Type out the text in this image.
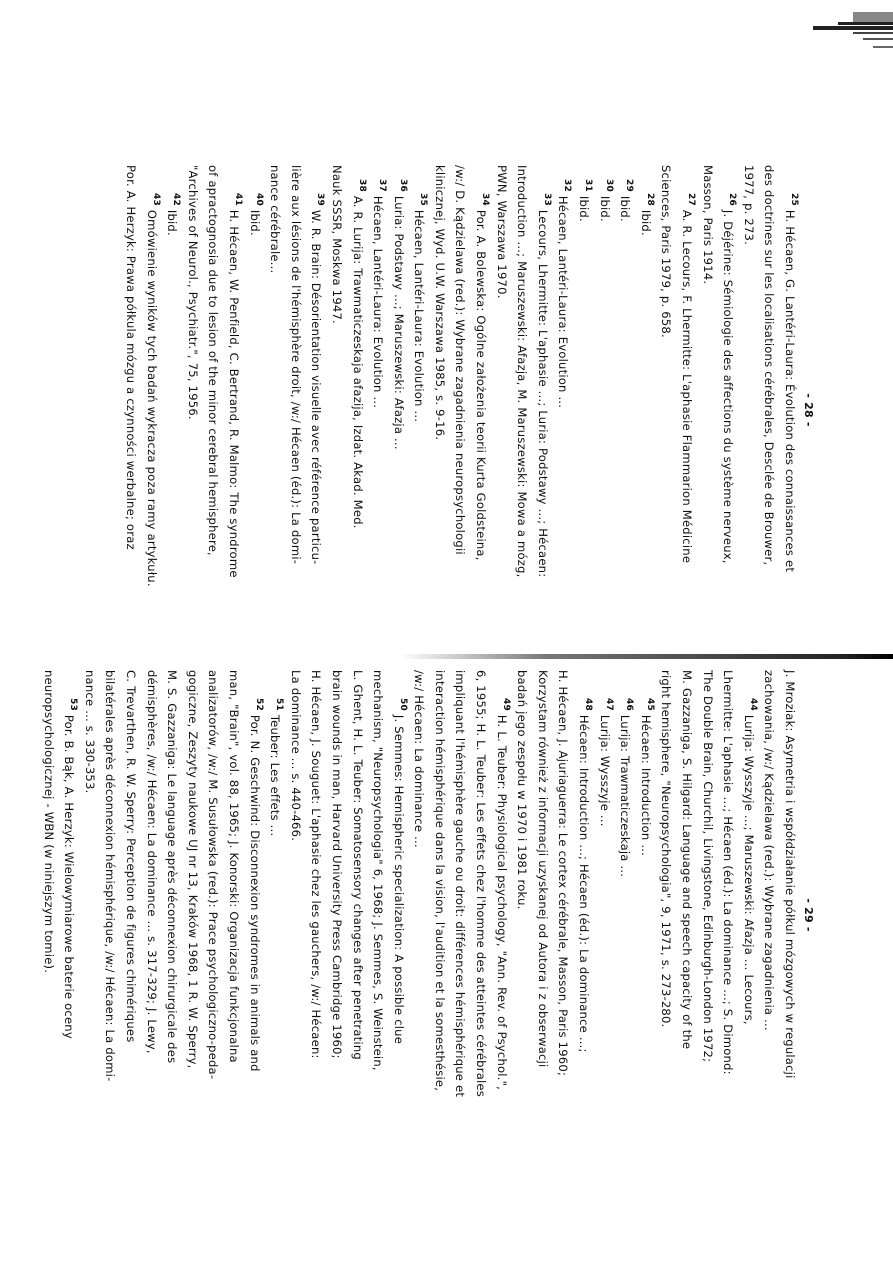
- 28 -
$^{25}$ H. Hécaen, G. Lantéri-Laura: Évolution des connaissances et
des doctrines sur les localisations cérébrales, Desclée de Brouwer,
1977, p. 273.
$^{26}$ J. Déjérine: Sémiologie des affections du système nerveux,
Masson, Paris 1914.
$^{27}$ A. R. Lecours, F. Lhermitte: L'aphasie Flammarion Médicine
Sciences, Paris 1979, p. 658.
$^{28}$ Ibid.
$^{29}$ Ibid.
$^{30}$ Ibid.
$^{31}$ Ibid.
$^{32}$ Hécaen, Lantéri-Laura: Evolution ...
$^{33}$ Lecours, Lhermitte: L'aphasie ...; Luria: Podstawy ...; Hécaen:
Introduction ...; Maruszewski: Afazja, M. Maruszewski: Mowa a mózg,
PWN, Warszawa 1970.
$^{34}$ Por. A. Bolewska: Ogólne założenia teorii Kurta Goldsteina,
/w:/ D. Kądzielawa (red.): Wybrane zagadnienia neuropsychologii
klinicznej, Wyd. U.W. Warszawa 1985, s. 9-16.
$^{35}$ Hécaen, Lantéri-Laura: Evolution ...
$^{36}$ Luria: Podstawy ...; Maruszewski: Afazja ...
$^{37}$ Hécaen, Lantéri-Laura: Evolution ...
$^{38}$ A. R. Lurija: Trawmaticzeskaja afazija, Izdat. Akad. Med.
Nauk SSSR, Moskwa 1947.
$^{39}$ W. R. Brain: Désorientation visuelle avec référence particu-
lière aux lésions de l'hémisphère droit, /w:/ Hécaen (éd.): La domi-
nance cérébrale...
$^{40}$ Ibid.
$^{41}$ H. Hécaen, W. Penfield, C. Bertrand, R. Malmo: The syndrome
of apractognosia due to lesion of the minor cerebral hemisphere,
"Archives of Neurol., Psychiatr.", 75, 1956.
$^{42}$ Ibid.
$^{43}$ Omówienie wyników tych badań wykracza poza ramy artykułu.
Por. A. Herzyk: Prawa półkula mózgu a czynności werbalne; oraz
- 29 -
J. Mroziak: Asymetria i współdziałanie półkul mózgowych w regulacji
zachowania, /w:/ Kądzielawa (red.): Wybrane zagadnienia ...
$^{44}$ Lurija: Wysszyje ...; Maruszewski: Afazja ... Lecours,
Lhermitte: L'aphasie ...; Hécaen (éd.): La dominance ...; S. Dimond:
The Double Brain, Churchil, Livingstone, Edinburgh-London 1972;
M. Gazzaniga, S. Hilgard: Language and speech capacity of the
right hemisphere, "Neuropsychologia", 9, 1971, s. 273-280.
$^{45}$ Hécaen: Introduction ...
$^{46}$ Lurija: Trawmaticzeskaja ...
$^{47}$ Lurija: Wysszyje ...
$^{48}$ Hécaen: Introduction ...; Hécaen (éd.): La dominance ...;
H. Hécaen, J. Ajuriaguerra: Le cortex cérébrale, Masson, Paris 1960;
Korzystam również z informacji uzyskanej od Autora i z obserwacji
badań jego zespołu w 1970 i 1981 roku.
$^{49}$ H. L. Teuber: Physiological psychology, "Ann. Rev. of Psychol.",
6, 1955; H. L. Teuber: Les effets chez l'homme des atteintes cérébrales
impliquant l'hémisphère gauche ou droit: différences hémisphérique et
interaction hémisphérique dans la vision, l'audition et la somesthésie,
/w:/ Hécaen: La dominance ...
$^{50}$ J. Semmes: Hemispheric specialization: A possible clue
mechanism, "Neuropsychologia" 6, 1968; J. Semmes, S. Weinstein,
L. Ghent, H. L. Teuber: Somatosensory changes after penetrating
brain wounds in man, Harvard University Press Cambridge 1960;
H. Hécaen, J. Souguet: L'aphasie chez les gauchers, /w:/ Hécaen:
La dominance ... s. 440-466.
$^{51}$ Teuber: Les effets ...
$^{52}$ Por. N. Geschwind: Disconnexion syndromes in animals and
man, "Brain", vol. 88, 1965; J. Konorski: Organizacja funkcjonalna
analizatorów, /w:/ M. Susułowska (red.): Prace psychologiczno-peda-
gogiczne, Zeszyty naukowe UJ nr 13, Kraków 1968, 1 R. W. Sperry,
M. S. Gazzaniga: Le language après déconnexion chirurgicale des
démisphères, /w:/ Hécaen: La dominance ... s. 317-329; J. Lewy,
C. Trevarthen, R. W. Sperry: Perception de figures chimériques
bilatérales après déconnexion hémisphérique, /w:/ Hécaen: La domi-
nance ... s. 330-353.
$^{53}$ Por. B. Bąk, A. Herzyk: Wielowymiarowe baterie oceny
neuropsychologicznej - WBN (w niniejszym tomie).
